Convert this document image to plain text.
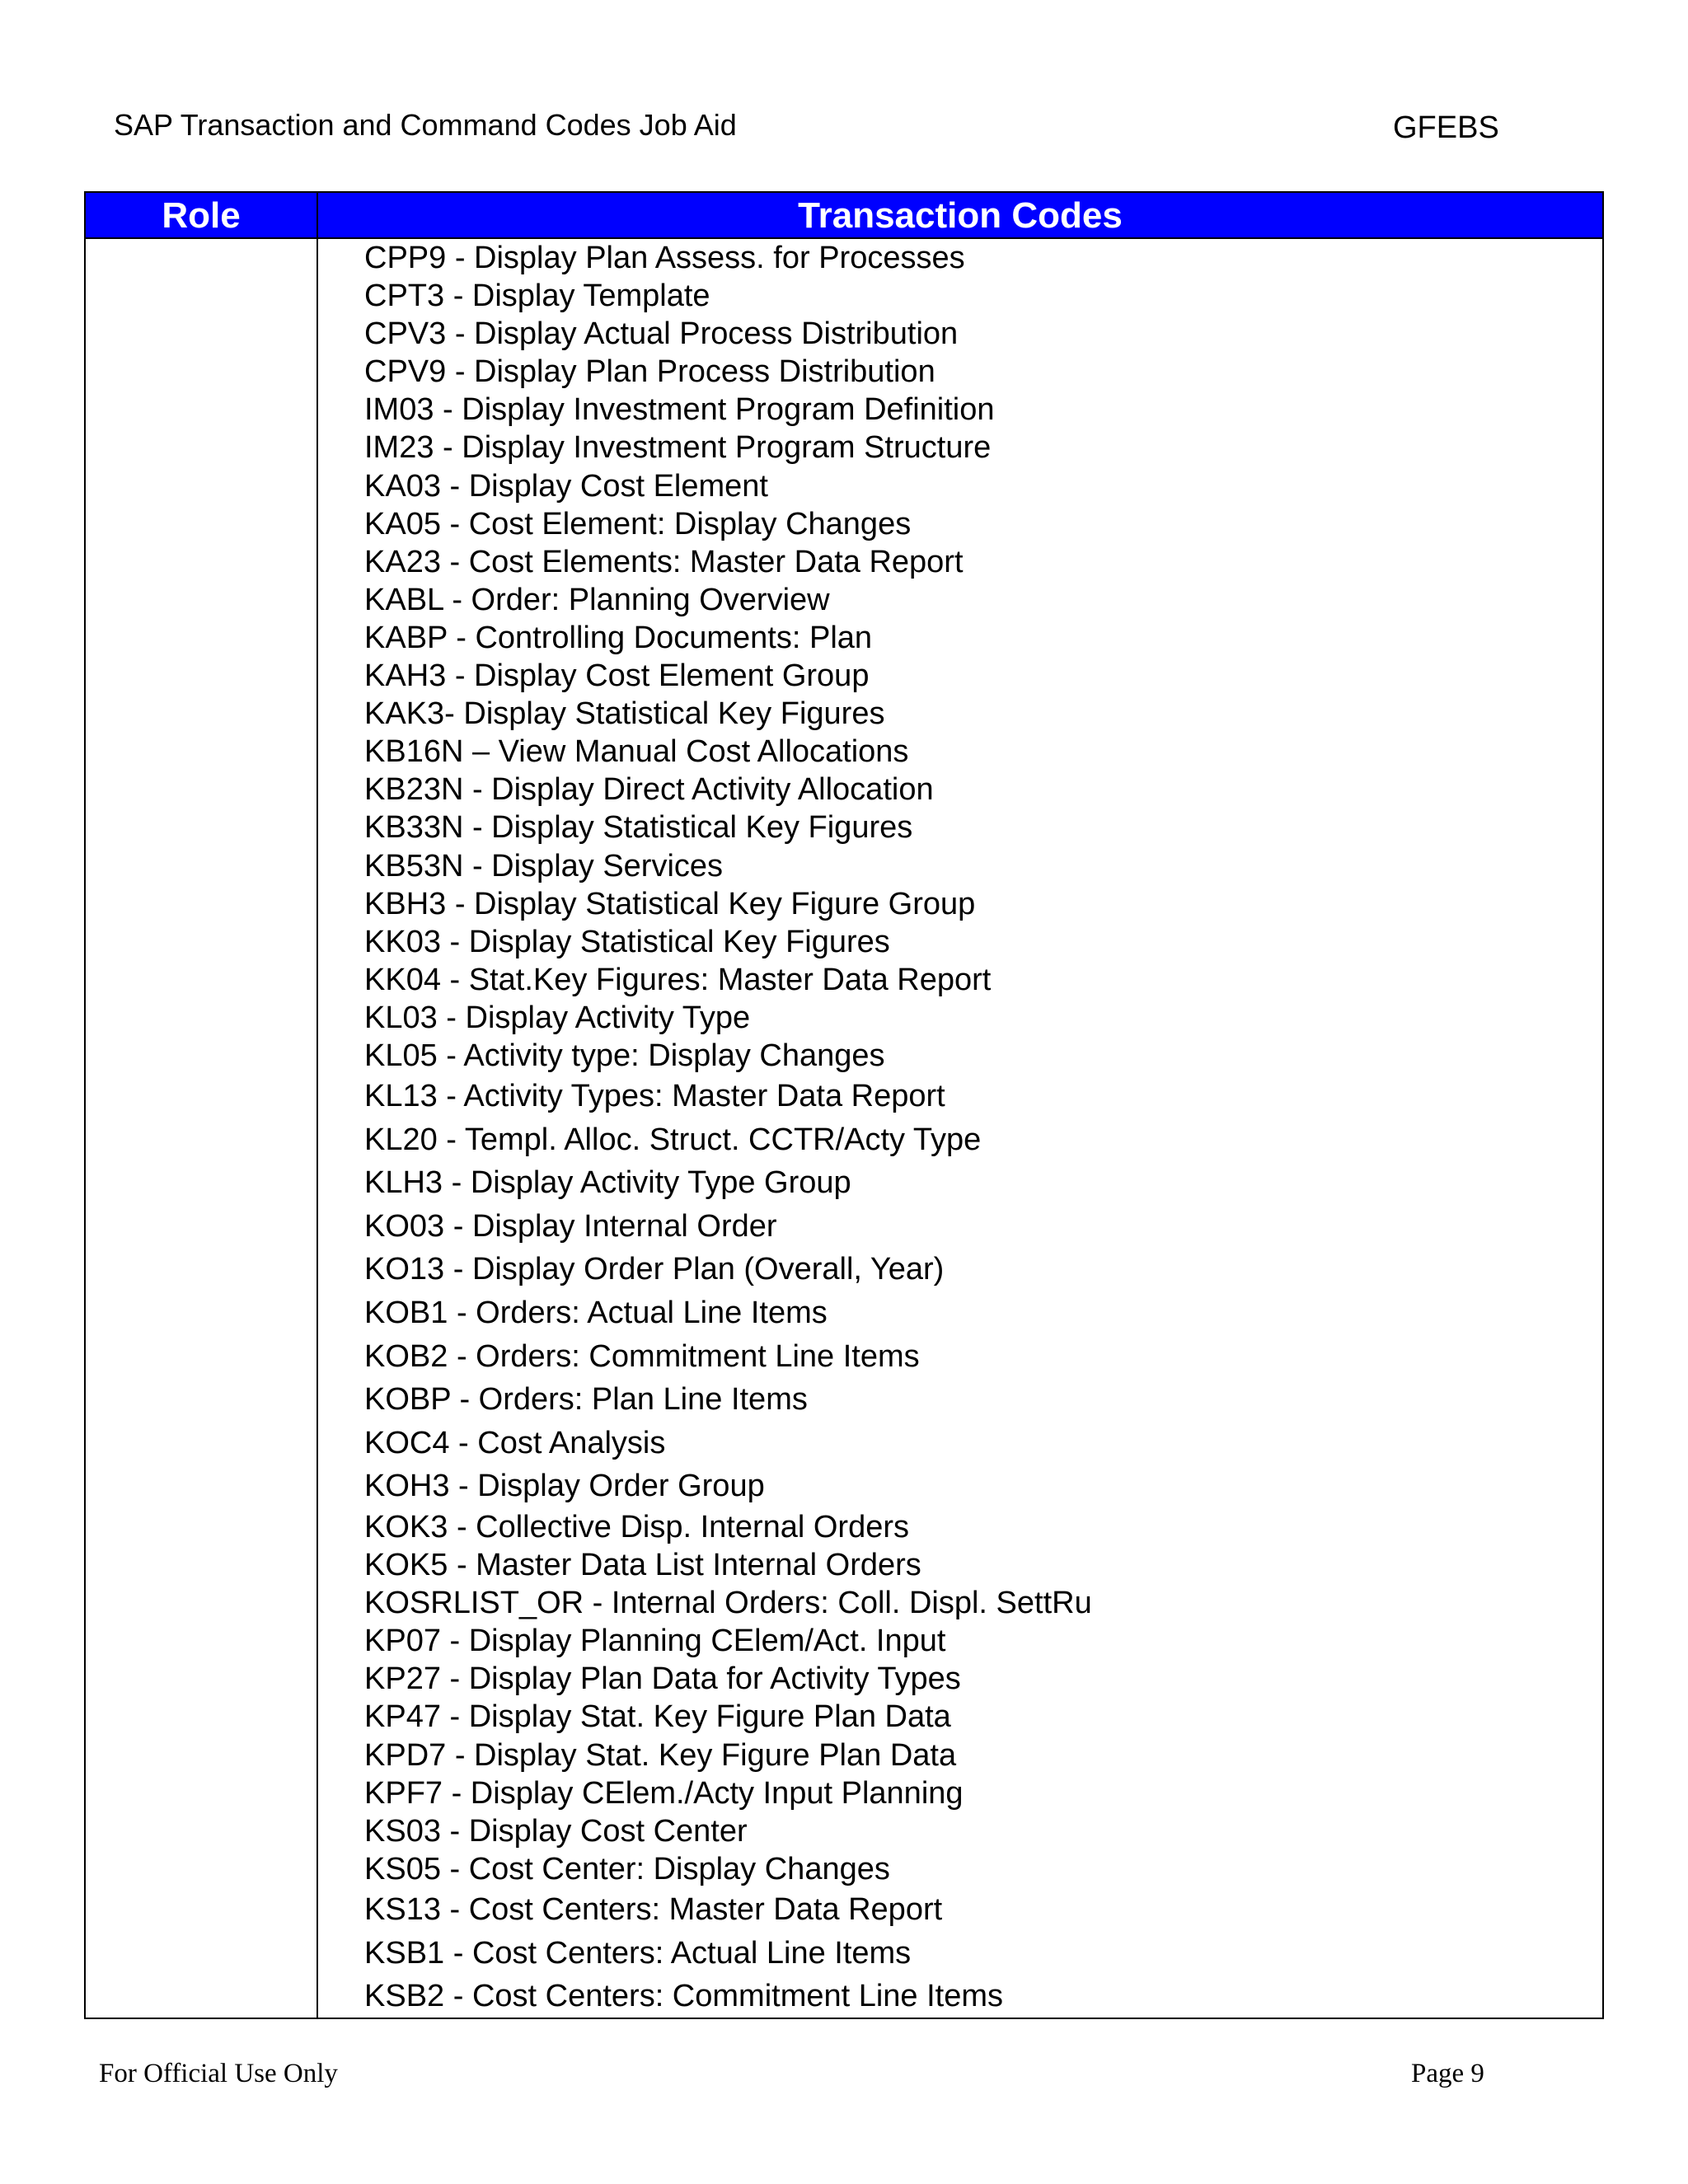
SAP Transaction and Command Codes Job Aid	GFEBS
Role	Transaction Codes
CPP9 - Display Plan Assess. for Processes
CPT3 - Display Template
CPV3 - Display Actual Process Distribution
CPV9 - Display Plan Process Distribution
IM03 - Display Investment Program Definition
IM23 - Display Investment Program Structure
KA03 - Display Cost Element
KA05 - Cost Element: Display Changes
KA23 - Cost Elements: Master Data Report
KABL - Order: Planning Overview
KABP - Controlling Documents: Plan
KAH3 - Display Cost Element Group
KAK3- Display Statistical Key Figures
KB16N – View Manual Cost Allocations
KB23N - Display Direct Activity Allocation
KB33N - Display Statistical Key Figures
KB53N - Display Services
KBH3 - Display Statistical Key Figure Group
KK03 - Display Statistical Key Figures
KK04 - Stat.Key Figures: Master Data Report
KL03 - Display Activity Type
KL05 - Activity type: Display Changes
KL13 - Activity Types: Master Data Report
KL20 - Templ. Alloc. Struct. CCTR/Acty Type
KLH3 - Display Activity Type Group
KO03 - Display Internal Order
KO13 - Display Order Plan (Overall, Year)
KOB1 - Orders: Actual Line Items
KOB2 - Orders: Commitment Line Items
KOBP - Orders: Plan Line Items
KOC4 - Cost Analysis
KOH3 - Display Order Group
KOK3 - Collective Disp. Internal Orders
KOK5 - Master Data List Internal Orders
KOSRLIST_OR - Internal Orders: Coll. Displ. SettRu
KP07 - Display Planning CElem/Act. Input
KP27 - Display Plan Data for Activity Types
KP47 - Display Stat. Key Figure Plan Data
KPD7 - Display Stat. Key Figure Plan Data
KPF7 - Display CElem./Acty Input Planning
KS03 - Display Cost Center
KS05 - Cost Center: Display Changes
KS13 - Cost Centers: Master Data Report
KSB1 - Cost Centers: Actual Line Items
KSB2 - Cost Centers: Commitment Line Items
For Official Use Only	Page 9
